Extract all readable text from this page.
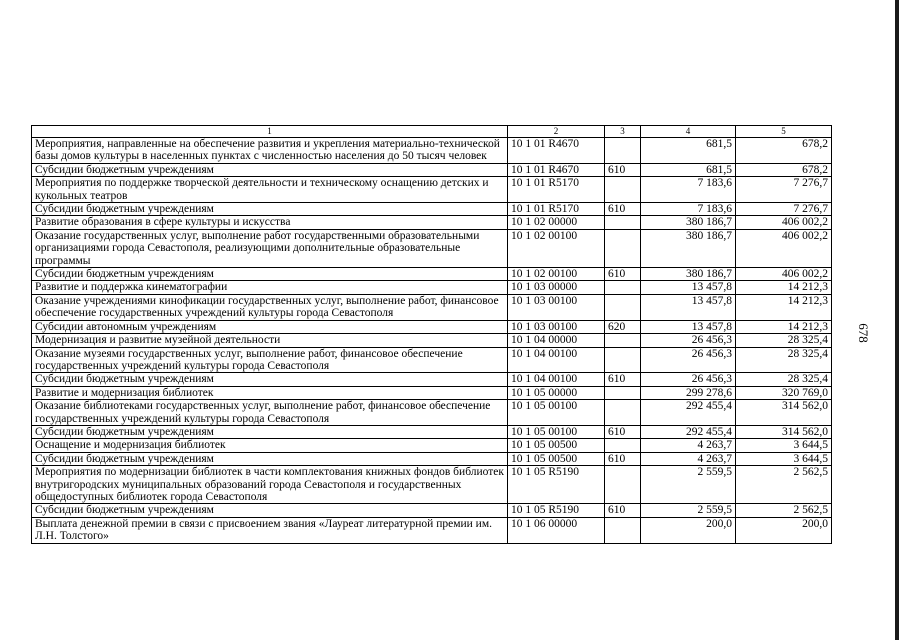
678
1	2	3	4	5
Мероприятия, направленные на обеспечение развития и укрепления материально-технической базы домов культуры в населенных пунктах с численностью населения до 50 тысяч человек	10 1 01 R4670		681,5	678,2
Субсидии бюджетным учреждениям	10 1 01 R4670	610	681,5	678,2
Мероприятия по поддержке творческой деятельности и техническому оснащению детских и кукольных театров	10 1 01 R5170		7 183,6	7 276,7
Субсидии бюджетным учреждениям	10 1 01 R5170	610	7 183,6	7 276,7
Развитие образования в сфере культуры и искусства	10 1 02 00000		380 186,7	406 002,2
Оказание государственных услуг, выполнение работ государственными образовательными организациями города Севастополя, реализующими дополнительные образовательные программы	10 1 02 00100		380 186,7	406 002,2
Субсидии бюджетным учреждениям	10 1 02 00100	610	380 186,7	406 002,2
Развитие и поддержка кинематографии	10 1 03 00000		13 457,8	14 212,3
Оказание учреждениями кинофикации государственных услуг, выполнение работ, финансовое обеспечение государственных учреждений культуры города Севастополя	10 1 03 00100		13 457,8	14 212,3
Субсидии автономным учреждениям	10 1 03 00100	620	13 457,8	14 212,3
Модернизация и развитие музейной деятельности	10 1 04 00000		26 456,3	28 325,4
Оказание музеями государственных услуг, выполнение работ, финансовое обеспечение государственных учреждений культуры города Севастополя	10 1 04 00100		26 456,3	28 325,4
Субсидии бюджетным учреждениям	10 1 04 00100	610	26 456,3	28 325,4
Развитие и модернизация библиотек	10 1 05 00000		299 278,6	320 769,0
Оказание библиотеками государственных услуг, выполнение работ, финансовое обеспечение государственных учреждений культуры города Севастополя	10 1 05 00100		292 455,4	314 562,0
Субсидии бюджетным учреждениям	10 1 05 00100	610	292 455,4	314 562,0
Оснащение и модернизация библиотек	10 1 05 00500		4 263,7	3 644,5
Субсидии бюджетным учреждениям	10 1 05 00500	610	4 263,7	3 644,5
Мероприятия по модернизации библиотек в части комплектования книжных фондов библиотек внутригородских муниципальных образований города Севастополя и государственных общедоступных библиотек города Севастополя	10 1 05 R5190		2 559,5	2 562,5
Субсидии бюджетным учреждениям	10 1 05 R5190	610	2 559,5	2 562,5
Выплата денежной премии в связи с присвоением звания «Лауреат литературной премии им. Л.Н. Толстого»	10 1 06 00000		200,0	200,0
